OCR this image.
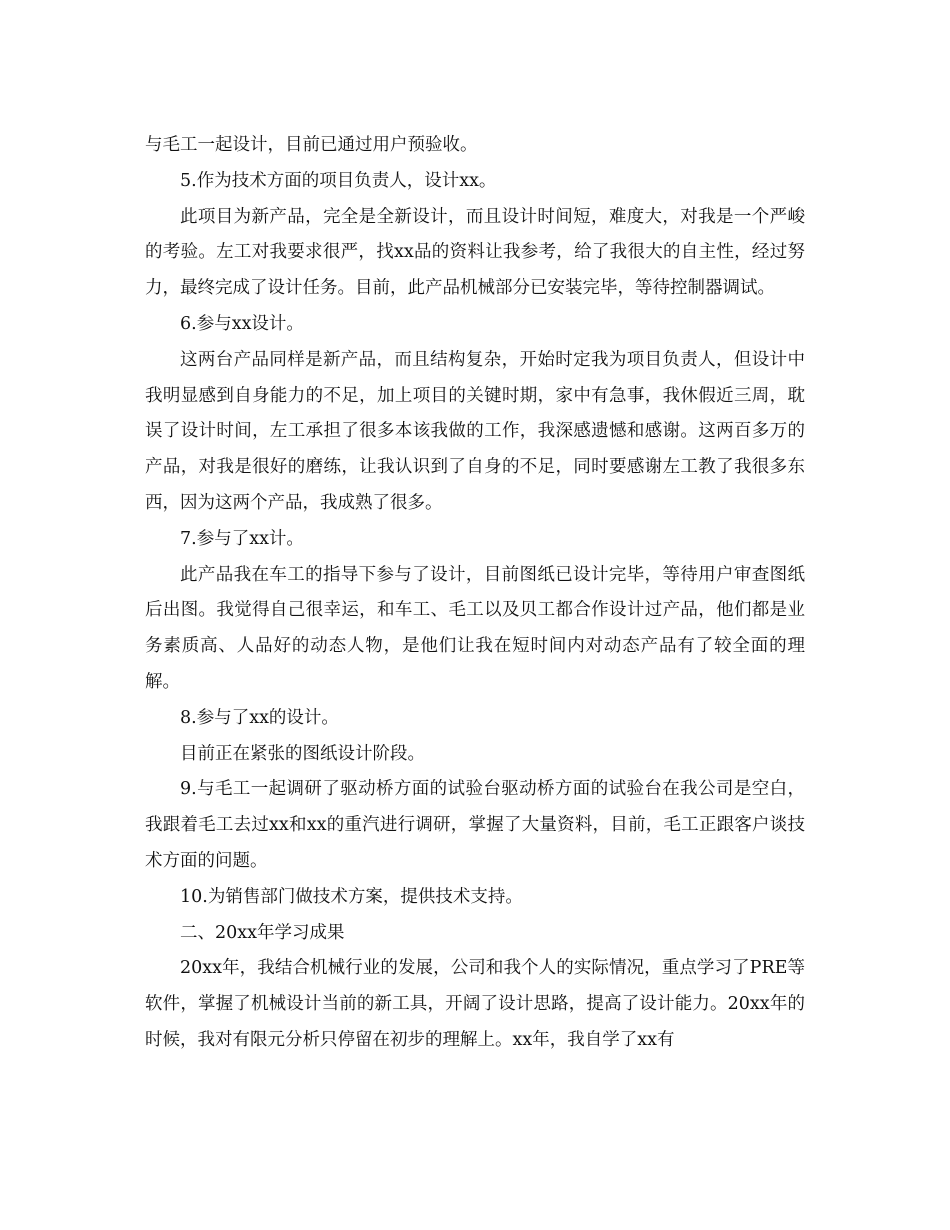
与毛工一起设计，目前已通过用户预验收。

5.作为技术方面的项目负责人，设计xx。

此项目为新产品，完全是全新设计，而且设计时间短，难度大，对我是一个严峻的考验。左工对我要求很严，找xx品的资料让我参考，给了我很大的自主性，经过努力，最终完成了设计任务。目前，此产品机械部分已安装完毕，等待控制器调试。

6.参与xx设计。

这两台产品同样是新产品，而且结构复杂，开始时定我为项目负责人，但设计中我明显感到自身能力的不足，加上项目的关键时期，家中有急事，我休假近三周，耽误了设计时间，左工承担了很多本该我做的工作，我深感遗憾和感谢。这两百多万的产品，对我是很好的磨练，让我认识到了自身的不足，同时要感谢左工教了我很多东西，因为这两个产品，我成熟了很多。

7.参与了xx计。

此产品我在车工的指导下参与了设计，目前图纸已设计完毕，等待用户审查图纸后出图。我觉得自己很幸运，和车工、毛工以及贝工都合作设计过产品，他们都是业务素质高、人品好的动态人物，是他们让我在短时间内对动态产品有了较全面的理解。

8.参与了xx的设计。

目前正在紧张的图纸设计阶段。

9.与毛工一起调研了驱动桥方面的试验台驱动桥方面的试验台在我公司是空白，我跟着毛工去过xx和xx的重汽进行调研，掌握了大量资料，目前，毛工正跟客户谈技术方面的问题。

10.为销售部门做技术方案，提供技术支持。

二、20xx年学习成果

20xx年，我结合机械行业的发展，公司和我个人的实际情况，重点学习了PRE等软件，掌握了机械设计当前的新工具，开阔了设计思路，提高了设计能力。20xx年的时候，我对有限元分析只停留在初步的理解上。xx年，我自学了xx有
